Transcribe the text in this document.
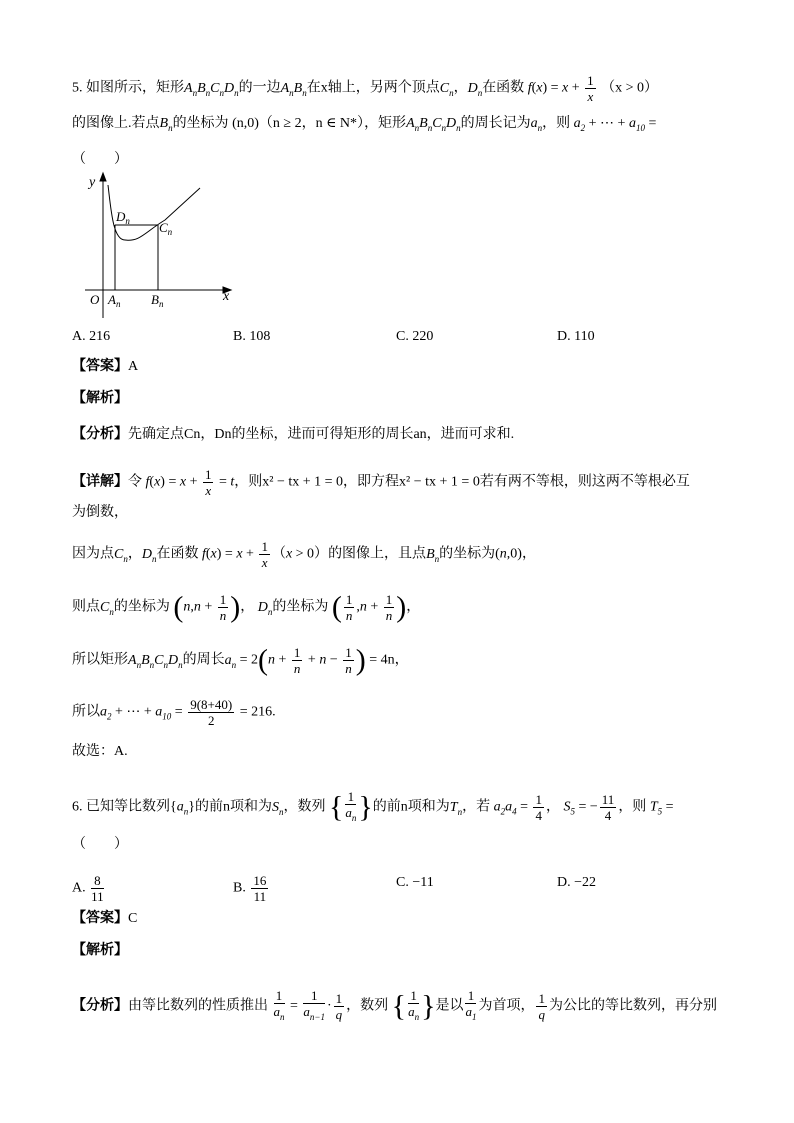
5. 如图所示，矩形$A_nB_nC_nD_n$的一边$A_nB_n$在x轴上，另两个顶点$C_n$，$D_n$在函数 $f(x) = x + \frac{1}{x} (x > 0)$
的图像上.若点$B_n$的坐标为 (n,0)（n ≥ 2，n ∈ N*），矩形$A_nB_nC_nD_n$的周长记为$a_n$，则 $a_2$ + ⋯ + $a_{10}$ =
（　　）
y
x
O $A_n$ $B_n$
$D_n$ $C_n$
A. 216	B. 108	C. 220	D. 110
【答案】A
【解析】
【分析】先确定点Cn，Dn的坐标，进而可得矩形的周长an，进而可求和.
【详解】令 $f(x) = x + \frac{1}{x} = t$，则x² − tx + 1 = 0，即方程x² − tx + 1 = 0若有两不等根，则这两不等根必互
为倒数，
因为点$C_n$，$D_n$在函数 $f(x) = x + \frac{1}{x} (x > 0)$的图像上，且点$B_n$的坐标为(n,0)，
则点$C_n$的坐标为 ($n,n + \frac{1}{n}$ )， $D_n$的坐标为 ( $\frac{1}{n} ,n + \frac{1}{n}$ )，
所以矩形$A_nB_nC_nD_n$的周长$a_n = 2(n + \frac{1}{n} + n - \frac{1}{n}$ ) = 4n，
所以$a_2$ + ⋯ + $a_{10} = \frac{9(8+40)}{2} = 216$.
故选：A.
6. 已知等比数列$\{a_n\}$的前n项和为$S_n$，数列 { $\frac{1}{a_n}$ }的前n项和为$T_n$，若 $a_2a_4 = \frac{1}{4}$ ， $S_5$ = − $\frac{11}{4}$ ，则 $T_5$ =
（　　）
A. $\frac{8}{11}$	B. $\frac{16}{11}$	C. −11	D. −22
【答案】C
【解析】
【分析】由等比数列的性质推出 $\frac{1}{a_n} = \frac{1}{a_{n-1}} \cdot \frac{1}{q}$ ，数列 { $\frac{1}{a_n}$ }是以 $\frac{1}{a_1}$ 为首项， $\frac{1}{q}$ 为公比的等比数列，再分别
